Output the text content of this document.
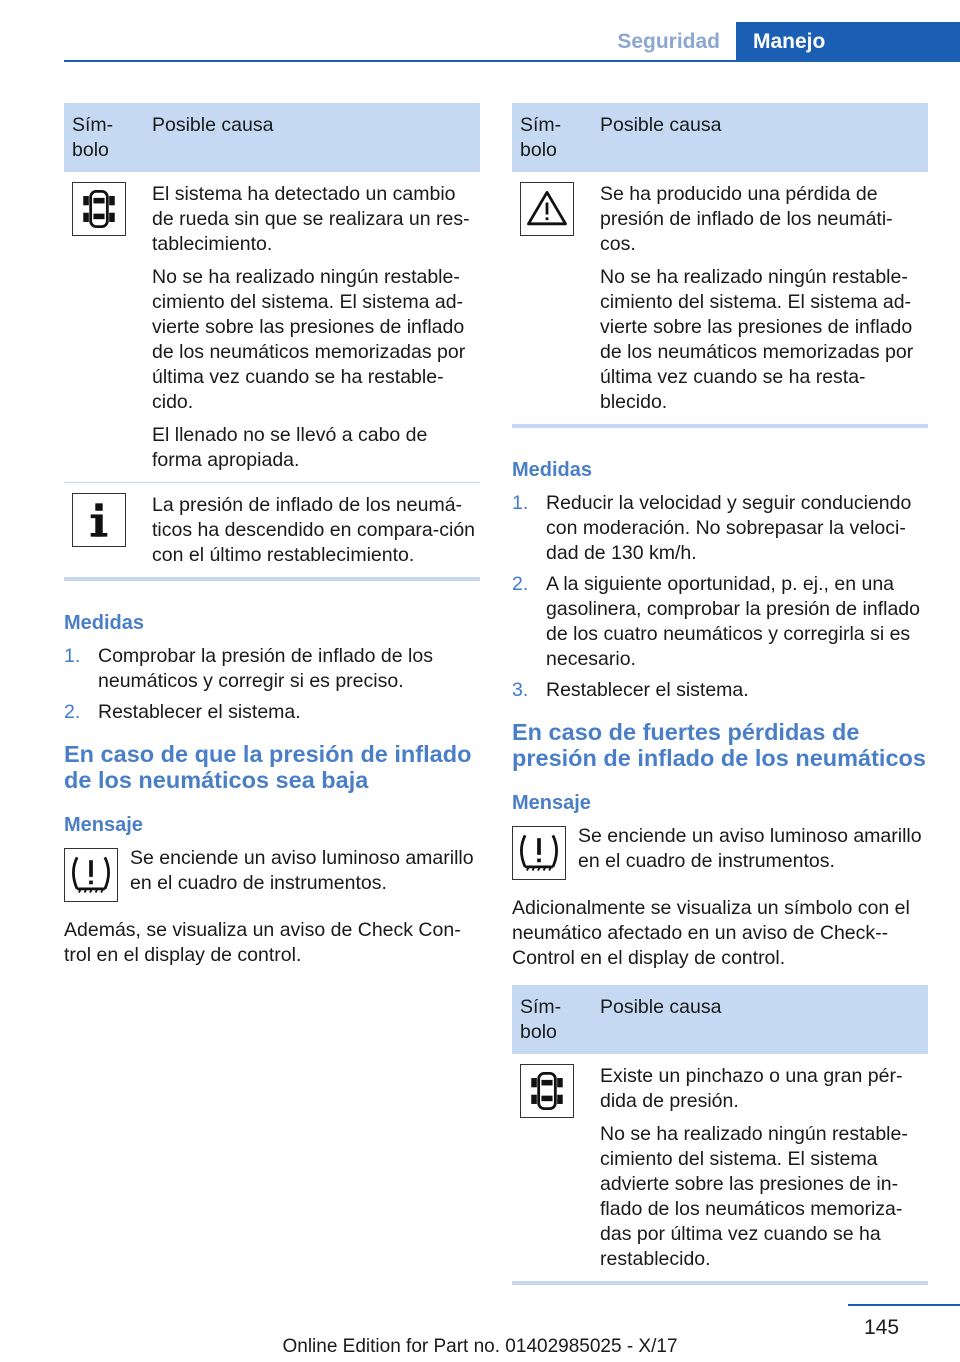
Seguridad	Manejo
Sím-
bolo
Posible causa

El sistema ha detectado un cambio de rueda sin que se realizara un res-tablecimiento.

No se ha realizado ningún restable-cimiento del sistema. El sistema ad-vierte sobre las presiones de inflado de los neumáticos memorizadas por última vez cuando se ha restable-cido.

El llenado no se llevó a cabo de forma apropiada.

La presión de inflado de los neumá-ticos ha descendido en compara-ción con el último restablecimiento.

Medidas
1. Comprobar la presión de inflado de los neumáticos y corregir si es preciso.
2. Restablecer el sistema.
En caso de que la presión de inflado de los neumáticos sea baja
Mensaje
Se enciende un aviso luminoso amarillo en el cuadro de instrumentos.

Además, se visualiza un aviso de Check Con-trol en el display de control.

Sím-
bolo
Posible causa

Se ha producido una pérdida de presión de inflado de los neumáti-cos.

No se ha realizado ningún restable-cimiento del sistema. El sistema ad-vierte sobre las presiones de inflado de los neumáticos memorizadas por última vez cuando se ha resta-blecido.

Medidas
1. Reducir la velocidad y seguir conduciendo con moderación. No sobrepasar la veloci-dad de 130 km/h.
2. A la siguiente oportunidad, p. ej., en una gasolinera, comprobar la presión de inflado de los cuatro neumáticos y corregirla si es necesario.
3. Restablecer el sistema.
En caso de fuertes pérdidas de presión de inflado de los neumáticos
Mensaje
Se enciende un aviso luminoso amarillo en el cuadro de instrumentos.

Adicionalmente se visualiza un símbolo con el neumático afectado en un aviso de Check--Control en el display de control.

Sím-
bolo
Posible causa

Existe un pinchazo o una gran pér-dida de presión.

No se ha realizado ningún restable-cimiento del sistema. El sistema advierte sobre las presiones de in-flado de los neumáticos memoriza-das por última vez cuando se ha restablecido.

145
Online Edition for Part no. 01402985025 - X/17
